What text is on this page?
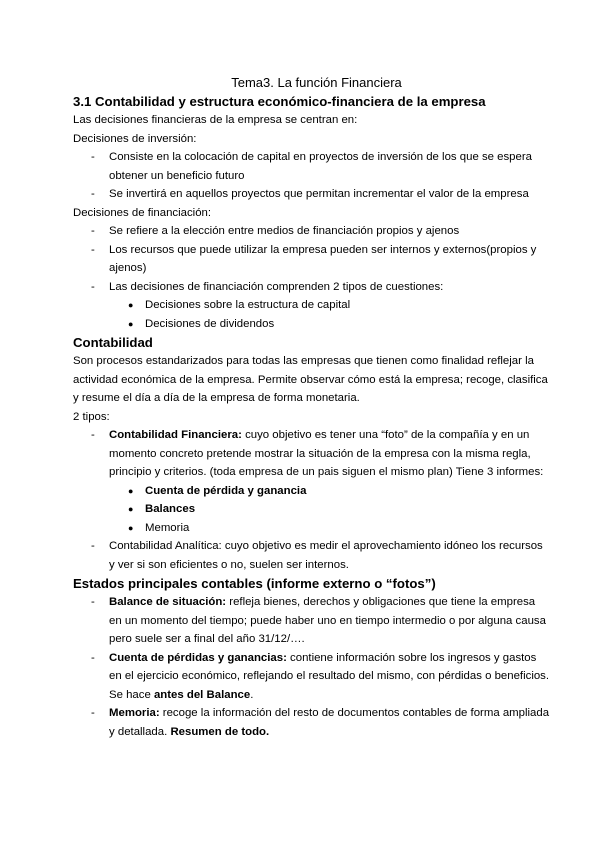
Tema3. La función Financiera

3.1 Contabilidad y estructura económico-financiera de la empresa

Las decisiones financieras de la empresa se centran en:

Decisiones de inversión:

- Consiste en la colocación de capital en proyectos de inversión de los que se espera obtener un beneficio futuro
- Se invertirá en aquellos proyectos que permitan incrementar el valor de la empresa

Decisiones de financiación:

- Se refiere a la elección entre medios de financiación propios y ajenos
- Los recursos que puede utilizar la empresa pueden ser internos y externos(propios y ajenos)
- Las decisiones de financiación comprenden 2 tipos de cuestiones:
● Decisiones sobre la estructura de capital
● Decisiones de dividendos

Contabilidad

Son procesos estandarizados para todas las empresas que tienen como finalidad reflejar la actividad económica de la empresa. Permite observar cómo está la empresa; recoge, clasifica y resume el día a día de la empresa de forma monetaria.

2 tipos:

- Contabilidad Financiera: cuyo objetivo es tener una “foto” de la compañía y en un momento concreto pretende mostrar la situación de la empresa con la misma regla, principio y criterios. (toda empresa de un pais siguen el mismo plan) Tiene 3 informes:
● Cuenta de pérdida y ganancia
● Balances
● Memoria
- Contabilidad Analítica: cuyo objetivo es medir el aprovechamiento idóneo los recursos y ver si son eficientes o no, suelen ser internos.

Estados principales contables (informe externo o “fotos”)

- Balance de situación: refleja bienes, derechos y obligaciones que tiene la empresa en un momento del tiempo; puede haber uno en tiempo intermedio o por alguna causa pero suele ser a final del año 31/12/….
- Cuenta de pérdidas y ganancias: contiene información sobre los ingresos y gastos en el ejercicio económico, reflejando el resultado del mismo, con pérdidas o beneficios. Se hace antes del Balance.
- Memoria: recoge la información del resto de documentos contables de forma ampliada y detallada. Resumen de todo.
